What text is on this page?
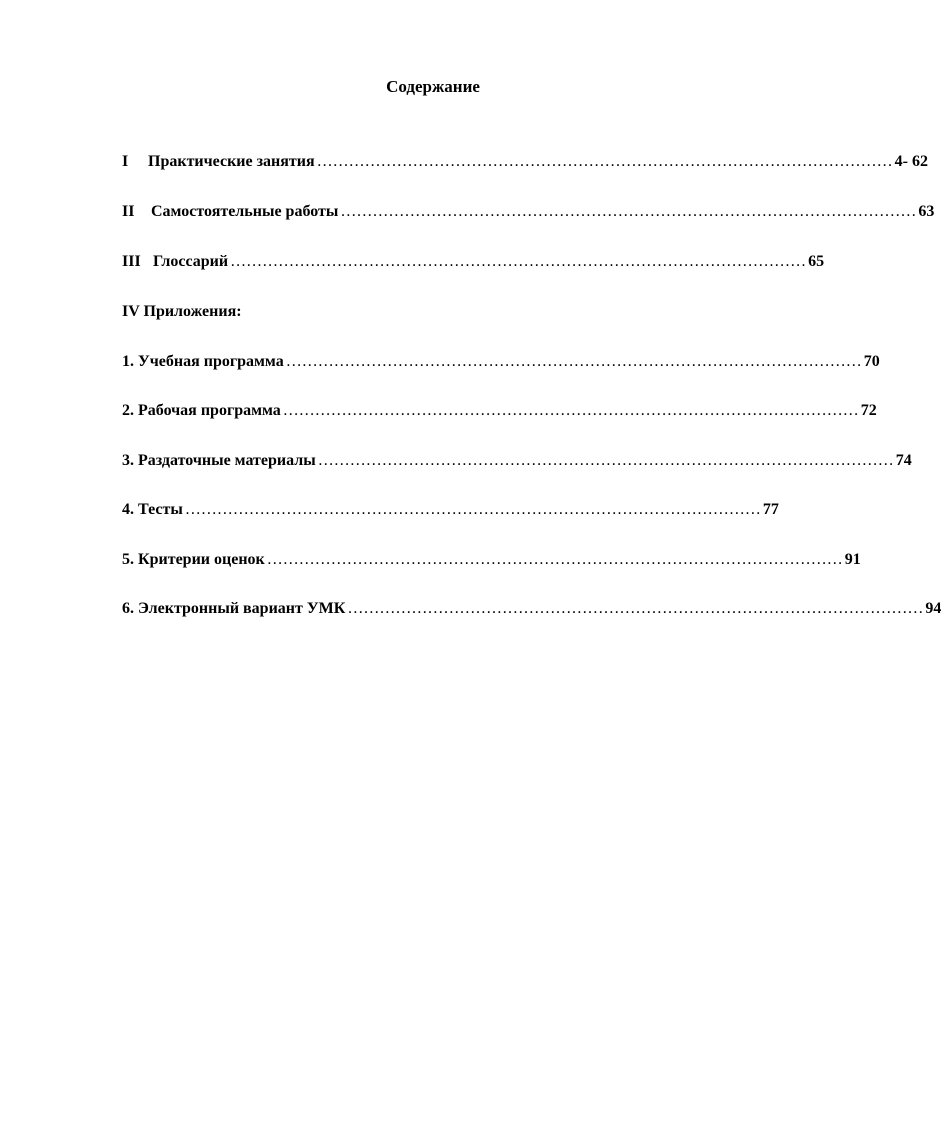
Содержание
I Практические занятия ……………………………………………………………………………………………… 4- 62
II Самостоятельные работы ……………………………………………………………………………………………… 63
III Глоссарий ……………………………………………………………………………………………… 65
IV Приложения:
1. Учебная программа ……………………………………………………………………………………………… 70
2. Рабочая программа ……………………………………………………………………………………………… 72
3. Раздаточные материалы ……………………………………………………………………………………………… 74
4. Тесты ……………………………………………………………………………………………… 77
5. Критерии оценок ……………………………………………………………………………………………… 91
6. Электронный вариант УМК ……………………………………………………………………………………………… 94
